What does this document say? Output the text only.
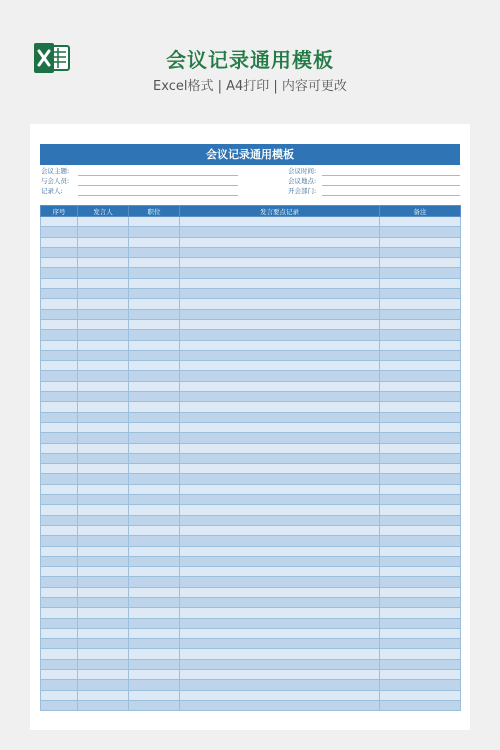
会议记录通用模板
Excel格式 | A4打印 | 内容可更改
会议记录通用模板
会议主题:
与会人员:
记录人:
会议时间:
会议地点:
开会部门:
序号	发言人	职位	发言要点记录	备注
